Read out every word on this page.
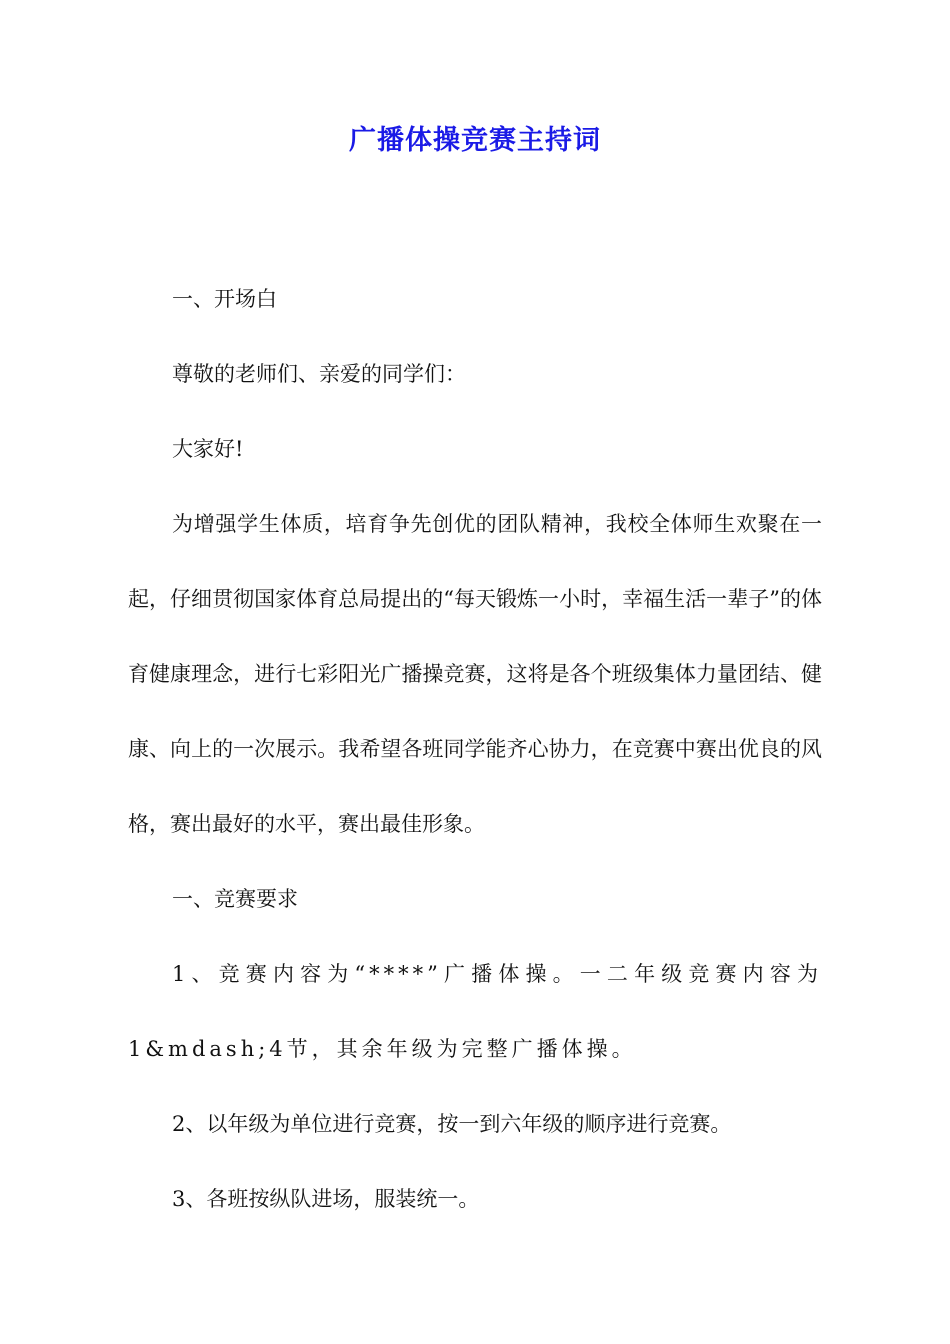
广播体操竞赛主持词

一、开场白

尊敬的老师们、亲爱的同学们：

大家好!

为增强学生体质，培育争先创优的团队精神，我校全体师生欢聚在一起，仔细贯彻国家体育总局提出的“每天锻炼一小时，幸福生活一辈子”的体育健康理念，进行七彩阳光广播操竞赛，这将是各个班级集体力量团结、健康、向上的一次展示。我希望各班同学能齐心协力，在竞赛中赛出优良的风格，赛出最好的水平，赛出最佳形象。

一、竞赛要求

1、竞赛内容为“****”广播体操。一二年级竞赛内容为1&mdash;4节，其余年级为完整广播体操。

2、以年级为单位进行竞赛，按一到六年级的顺序进行竞赛。

3、各班按纵队进场，服装统一。
